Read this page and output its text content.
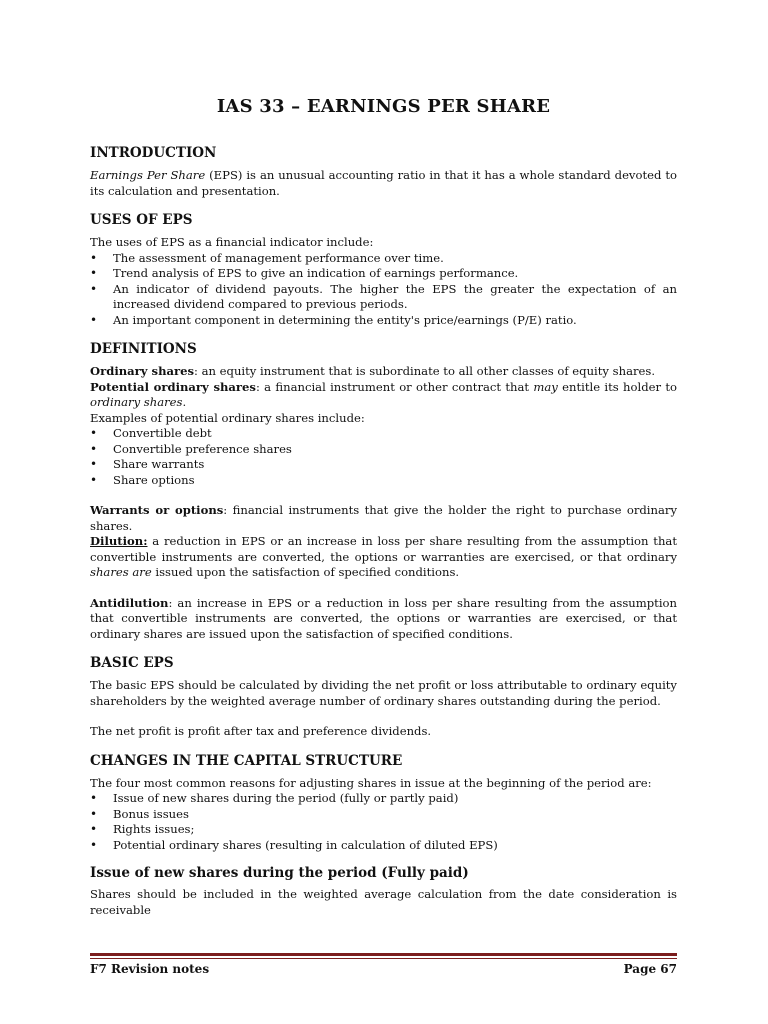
IAS 33 – EARNINGS PER SHARE
INTRODUCTION

Earnings Per Share (EPS) is an unusual accounting ratio in that it has a whole standard devoted to its calculation and presentation.

USES OF EPS

The uses of EPS as a financial indicator include:

• The assessment of management performance over time.
• Trend analysis of EPS to give an indication of earnings performance.
• An indicator of dividend payouts. The higher the EPS the greater the expectation of an increased dividend compared to previous periods.
• An important component in determining the entity's price/earnings (P/E) ratio.
DEFINITIONS

Ordinary shares: an equity instrument that is subordinate to all other classes of equity shares.

Potential ordinary shares: a financial instrument or other contract that may entitle its holder to ordinary shares.

Examples of potential ordinary shares include:

• Convertible debt
• Convertible preference shares
• Share warrants
• Share options

Warrants or options: financial instruments that give the holder the right to purchase ordinary shares.

Dilution: a reduction in EPS or an increase in loss per share resulting from the assumption that convertible instruments are converted, the options or warranties are exercised, or that ordinary shares are issued upon the satisfaction of specified conditions.

Antidilution: an increase in EPS or a reduction in loss per share resulting from the assumption that convertible instruments are converted, the options or warranties are exercised, or that ordinary shares are issued upon the satisfaction of specified conditions.

BASIC EPS

The basic EPS should be calculated by dividing the net profit or loss attributable to ordinary equity shareholders by the weighted average number of ordinary shares outstanding during the period.

The net profit is profit after tax and preference dividends.

CHANGES IN THE CAPITAL STRUCTURE

The four most common reasons for adjusting shares in issue at the beginning of the period are:

• Issue of new shares during the period (fully or partly paid)
• Bonus issues
• Rights issues;
• Potential ordinary shares (resulting in calculation of diluted EPS)
Issue of new shares during the period (Fully paid)

Shares should be included in the weighted average calculation from the date consideration is receivable

F7 Revision notes	Page 67
